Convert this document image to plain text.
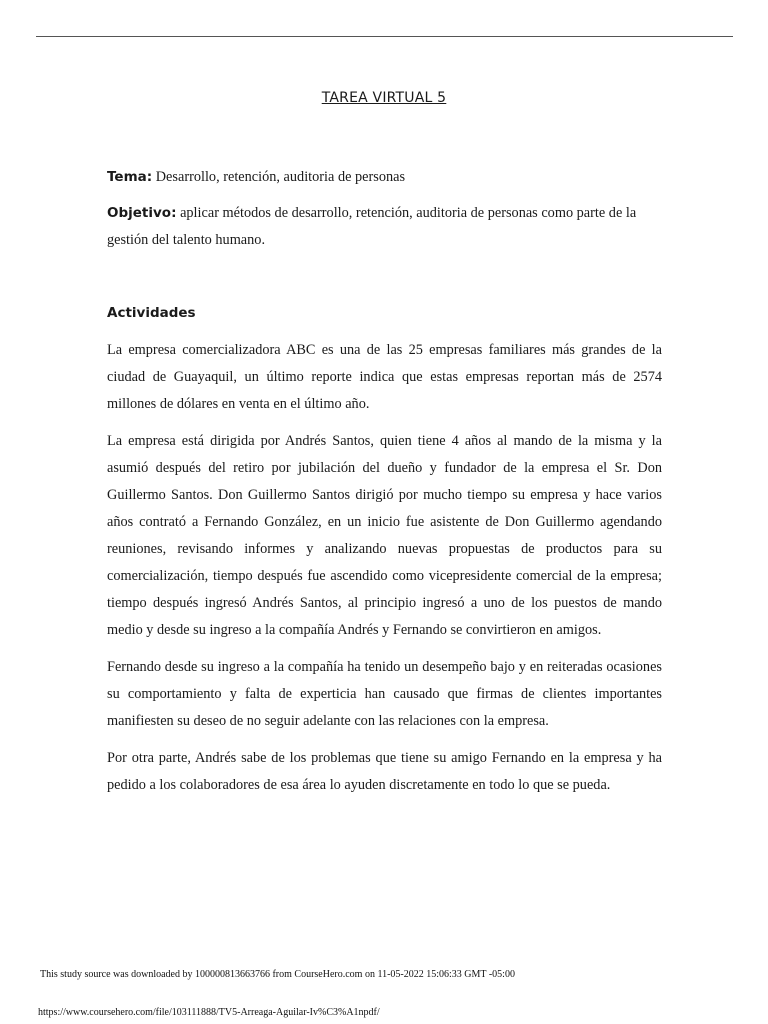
TAREA VIRTUAL 5
Tema: Desarrollo, retención, auditoria de personas
Objetivo: aplicar métodos de desarrollo, retención, auditoria de personas como parte de la gestión del talento humano.
Actividades

La empresa comercializadora ABC es una de las 25 empresas familiares más grandes de la ciudad de Guayaquil, un último reporte indica que estas empresas reportan más de 2574 millones de dólares en venta en el último año.

La empresa está dirigida por Andrés Santos, quien tiene 4 años al mando de la misma y la asumió después del retiro por jubilación del dueño y fundador de la empresa el Sr. Don Guillermo Santos. Don Guillermo Santos dirigió por mucho tiempo su empresa y hace varios años contrató a Fernando González, en un inicio fue asistente de Don Guillermo agendando reuniones, revisando informes y analizando nuevas propuestas de productos para su comercialización, tiempo después fue ascendido como vicepresidente comercial de la empresa; tiempo después ingresó Andrés Santos, al principio ingresó a uno de los puestos de mando medio y desde su ingreso a la compañía Andrés y Fernando se convirtieron en amigos.

Fernando desde su ingreso a la compañía ha tenido un desempeño bajo y en reiteradas ocasiones su comportamiento y falta de experticia han causado que firmas de clientes importantes manifiesten su deseo de no seguir adelante con las relaciones con la empresa.

Por otra parte, Andrés sabe de los problemas que tiene su amigo Fernando en la empresa y ha pedido a los colaboradores de esa área lo ayuden discretamente en todo lo que se pueda.

This study source was downloaded by 100000813663766 from CourseHero.com on 11-05-2022 15:06:33 GMT -05:00
https://www.coursehero.com/file/103111888/TV5-Arreaga-Aguilar-Iv%C3%A1npdf/
